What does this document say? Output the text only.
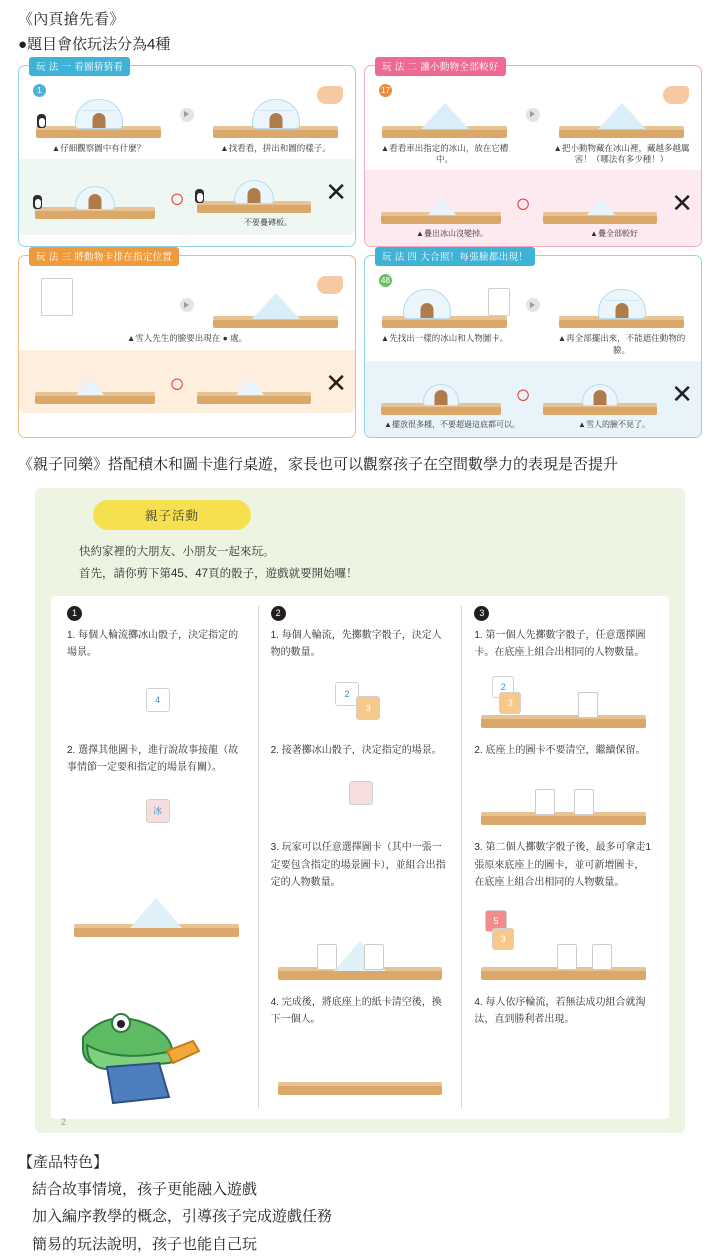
《內頁搶先看》
●題目會依玩法分為4種
玩 法 一 看圖猜猜看
1
▲仔細觀察圖中有什麼？	▲找看看，拼出和圖的樣子。
○	✕
不要疊磚板。
玩 法 二 讓小動物全部較好
17
▲看看車出指定的冰山，放在它槽中。
▲把小動物藏在冰山裡，藏越多越厲害！（哪法有多少種！）
○
▲疊出冰山沒變掉。
✕
▲疊全部較好
玩 法 三 將動物卡排在指定位置
▲雪人先生的臉要出現在 ● 處。
○	✕
玩 法 四 大合照！每張臉都出現！
48
▲先找出一樣的冰山和人物圖卡。	▲再全部擺出來，不能遮住動物的臉。
○
▲擺放很多種，不要超過這底都可以。
✕
▲雪人的臉不見了。
《親子同樂》搭配積木和圖卡進行桌遊，家長也可以觀察孩子在空間數學力的表現是否提升
親子活動
快約家裡的大朋友、小朋友一起來玩。
首先，請你剪下第45、47頁的骰子，遊戲就要開始囉！
1
1. 每個人輪流擲冰山骰子，決定指定的場景。
4
2. 選擇其他圖卡，進行說故事接龍（故事情節一定要和指定的場景有關）。
冰
2
1. 每個人輪流，先擲數字骰子，決定人物的數量。
2
3
2. 接著擲冰山骰子，決定指定的場景。
3. 玩家可以任意選擇圖卡（其中一張一定要包含指定的場景圖卡），並組合出指定的人物數量。
4. 完成後，將底座上的紙卡清空後，換下一個人。
3
1. 第一個人先擲數字骰子，任意選擇圖卡。在底座上組合出相同的人物數量。
2
3
2. 底座上的圖卡不要清空，繼續保留。
3. 第二個人擲數字骰子後，最多可拿走1張原來底座上的圖卡，並可新增圖卡，在底座上組合出相同的人物數量。
5
3
4. 每人依序輪流，若無法成功組合就淘汰，直到勝利者出現。
2
【產品特色】
結合故事情境，孩子更能融入遊戲
加入編序教學的概念，引導孩子完成遊戲任務
簡易的玩法說明，孩子也能自己玩
